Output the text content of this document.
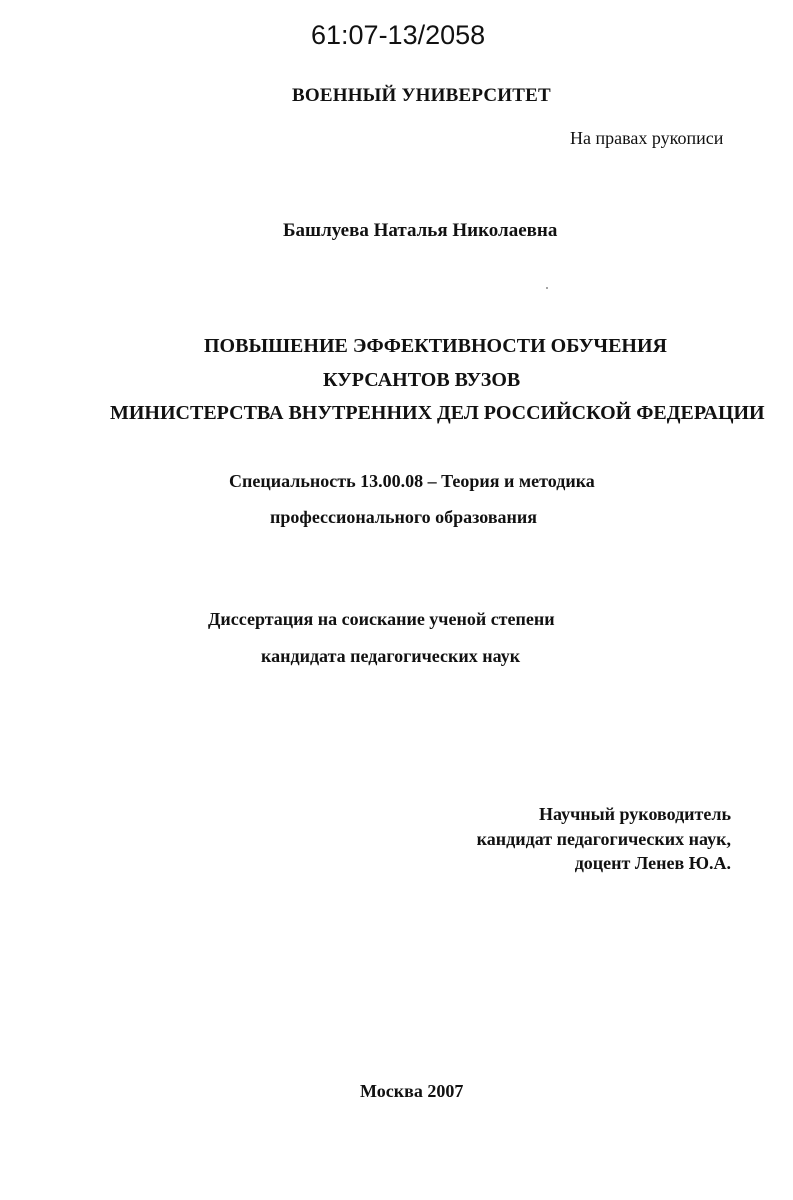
61:07-13/2058
ВОЕННЫЙ УНИВЕРСИТЕТ
На правах рукописи
Башлуева Наталья Николаевна
ПОВЫШЕНИЕ ЭФФЕКТИВНОСТИ ОБУЧЕНИЯ
КУРСАНТОВ ВУЗОВ
МИНИСТЕРСТВА ВНУТРЕННИХ ДЕЛ РОССИЙСКОЙ ФЕДЕРАЦИИ
Специальность 13.00.08 – Теория и методика
профессионального образования
Диссертация на соискание ученой степени
кандидата педагогических наук
Научный руководитель
кандидат педагогических наук,
доцент Ленев Ю.А.
Москва 2007
